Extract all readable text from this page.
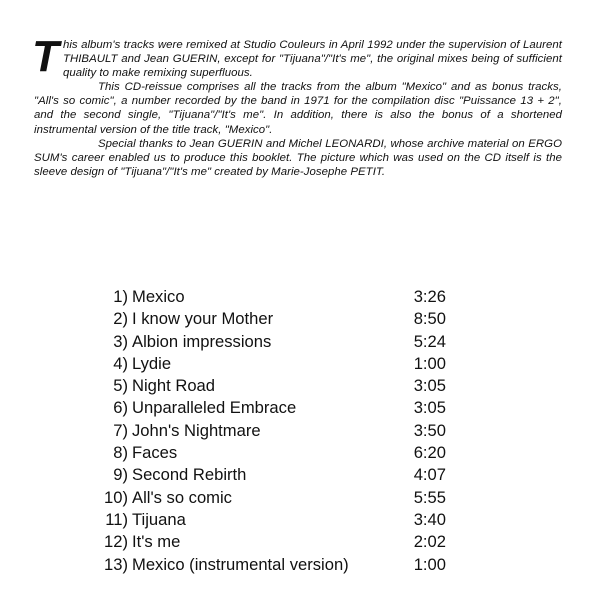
This album's tracks were remixed at Studio Couleurs in April 1992 under the supervision of Laurent THIBAULT and Jean GUERIN, except for "Tijuana"/"It's me", the original mixes being of sufficient quality to make remixing superfluous.

This CD-reissue comprises all the tracks from the album "Mexico" and as bonus tracks, "All's so comic", a number recorded by the band in 1971 for the compilation disc "Puissance 13 + 2", and the second single, "Tijuana"/"It's me". In addition, there is also the bonus of a shortened instrumental version of the title track, "Mexico".

Special thanks to Jean GUERIN and Michel LEONARDI, whose archive material on ERGO SUM's career enabled us to produce this booklet. The picture which was used on the CD itself is the sleeve design of "Tijuana"/"It's me" created by Marie-Josephe PETIT.

1) Mexico	3:26
2) I know your Mother	8:50
3) Albion impressions	5:24
4) Lydie	1:00
5) Night Road	3:05
6) Unparalleled Embrace	3:05
7) John's Nightmare	3:50
8) Faces	6:20
9) Second Rebirth	4:07
10) All's so comic	5:55
11) Tijuana	3:40
12) It's me	2:02
13) Mexico (instrumental version)	1:00
